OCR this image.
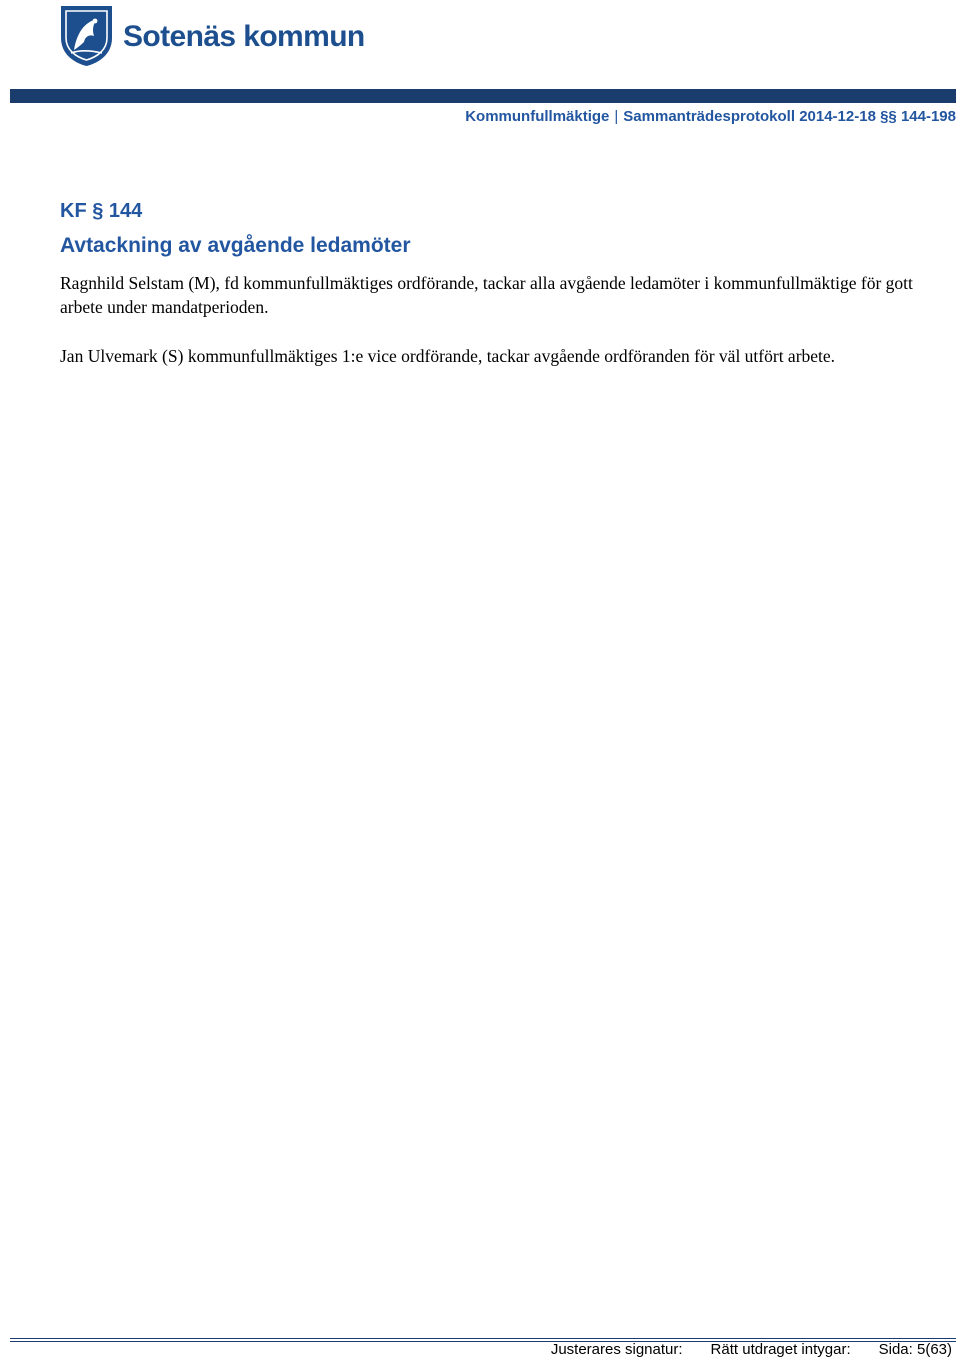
Sotenäs kommun
Kommunfullmäktige | Sammanträdesprotokoll 2014-12-18 §§ 144-198
KF § 144
Avtackning av avgående ledamöter

Ragnhild Selstam (M), fd kommunfullmäktiges ordförande, tackar alla avgående ledamöter i kommunfullmäktige för gott arbete under mandatperioden.

Jan Ulvemark (S) kommunfullmäktiges 1:e vice ordförande, tackar avgående ordföranden för väl utfört arbete.

Justerares signatur:	Rätt utdraget intygar:	Sida: 5(63)
